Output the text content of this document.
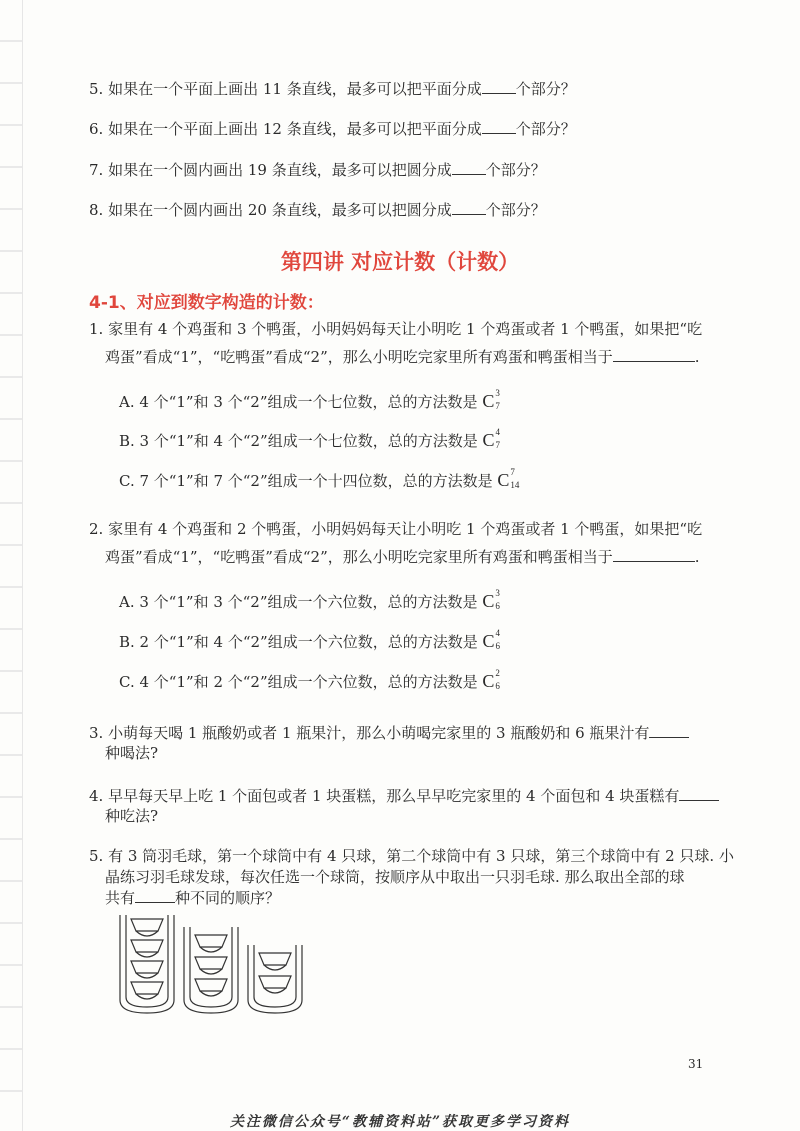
5. 如果在一个平面上画出 11 条直线，最多可以把平面分成 个部分？
6. 如果在一个平面上画出 12 条直线，最多可以把平面分成 个部分？
7. 如果在一个圆内画出 19 条直线，最多可以把圆分成 个部分？
8. 如果在一个圆内画出 20 条直线，最多可以把圆分成 个部分？
第四讲 对应计数（计数）
4-1、对应到数字构造的计数：
1. 家里有 4 个鸡蛋和 3 个鸭蛋，小明妈妈每天让小明吃 1 个鸡蛋或者 1 个鸭蛋，如果把“吃
鸡蛋”看成“1”，“吃鸭蛋”看成“2”，那么小明吃完家里所有鸡蛋和鸭蛋相当于	.
A. 4 个“1”和 3 个“2”组成一个七位数，总的方法数是 C 3
7
B. 3 个“1”和 4 个“2”组成一个七位数，总的方法数是 C 4
7
C. 7 个“1”和 7 个“2”组成一个十四位数，总的方法数是 C 7
14
2. 家里有 4 个鸡蛋和 2 个鸭蛋，小明妈妈每天让小明吃 1 个鸡蛋或者 1 个鸭蛋，如果把“吃
鸡蛋”看成“1”，“吃鸭蛋”看成“2”，那么小明吃完家里所有鸡蛋和鸭蛋相当于	.
A. 3 个“1”和 3 个“2”组成一个六位数，总的方法数是 C 3
6
B. 2 个“1”和 4 个“2”组成一个六位数，总的方法数是 C 4
6
C. 4 个“1”和 2 个“2”组成一个六位数，总的方法数是 C 2
6
3. 小萌每天喝 1 瓶酸奶或者 1 瓶果汁，那么小萌喝完家里的 3 瓶酸奶和 6 瓶果汁有
种喝法?
4. 早早每天早上吃 1 个面包或者 1 块蛋糕，那么早早吃完家里的 4 个面包和 4 块蛋糕有
种吃法?
5. 有 3 筒羽毛球，第一个球筒中有 4 只球，第二个球筒中有 3 只球，第三个球筒中有 2 只球. 小
晶练习羽毛球发球，每次任选一个球筒，按顺序从中取出一只羽毛球. 那么取出全部的球
共有	种不同的顺序？
31
关注微信公众号“教辅资料站”获取更多学习资料
